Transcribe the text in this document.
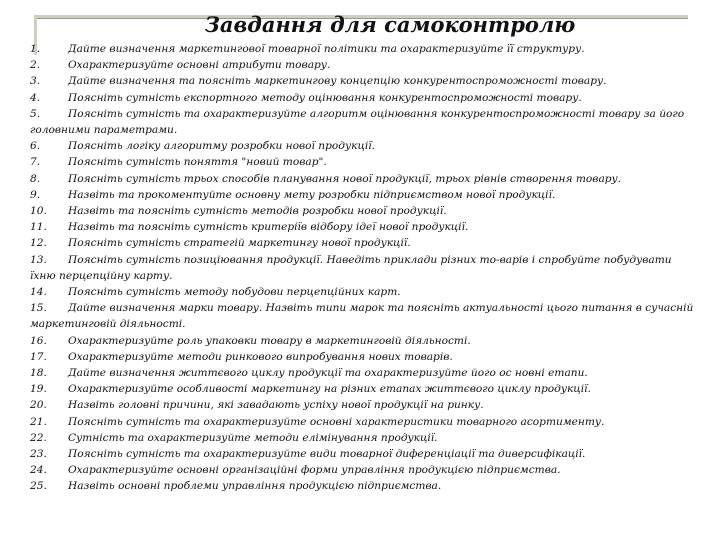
Завдання для самоконтролю
1.	Дайте визначення маркетингової товарної політики та охарактеризуйте її структуру.
2.	Охарактеризуйте основні атрибути товару.
3.	Дайте визначення та поясніть маркетингову концепцію конкурентоспроможності товару.
4.	Поясніть сутність експортного методу оцінювання конкурентоспроможності товару.
5.	Поясніть сутність та охарактеризуйте алгоритм оцінювання конкурентоспроможності товару за його головними параметрами.
6.	Поясніть логіку алгоритму розробки нової продукції.
7.	Поясніть сутність поняття "новий товар".
8.	Поясніть сутність трьох способів планування нової продукції, трьох рівнів створення товару.
9.	Назвіть та прокоментуйте основну мету розробки підприємством нової продукції.
10. Назвіть та поясніть сутність методів розробки нової продукції.
11. Назвіть та поясніть сутність критеріїв відбору ідеї нової продукції.
12. Поясніть сутність стратегій маркетингу нової продукції.
13. Поясніть сутність позиціювання продукції. Наведіть приклади різних то-варів і спробуйте побудувати їхню перцепційну карту.
14. Поясніть сутність методу побудови перцепційних карт.
15. Дайте визначення марки товару. Назвіть типи марок та поясніть актуальності цього питання в сучасній маркетинговій діяльності.
16. Охарактеризуйте роль упаковки товару в маркетинговій діяльності.
17. Охарактеризуйте методи ринкового випробування нових товарів.
18. Дайте визначення життєвого циклу продукції та охарактеризуйте його ос новні етапи.
19. Охарактеризуйте особливості маркетингу на різних етапах життєвого циклу продукції.
20. Назвіть головні причини, які завадають успіху нової продукції на ринку.
21. Поясніть сутність та охарактеризуйте основні характеристики товарного асортименту.
22. Сутність та охарактеризуйте методи елімінування продукції.
23. Поясніть сутність та охарактеризуйте види товарної диференціації та диверсифікації.
24. Охарактеризуйте основні організаційні форми управління продукцією підприємства.
25. Назвіть основні проблеми управління продукцією підприємства.
